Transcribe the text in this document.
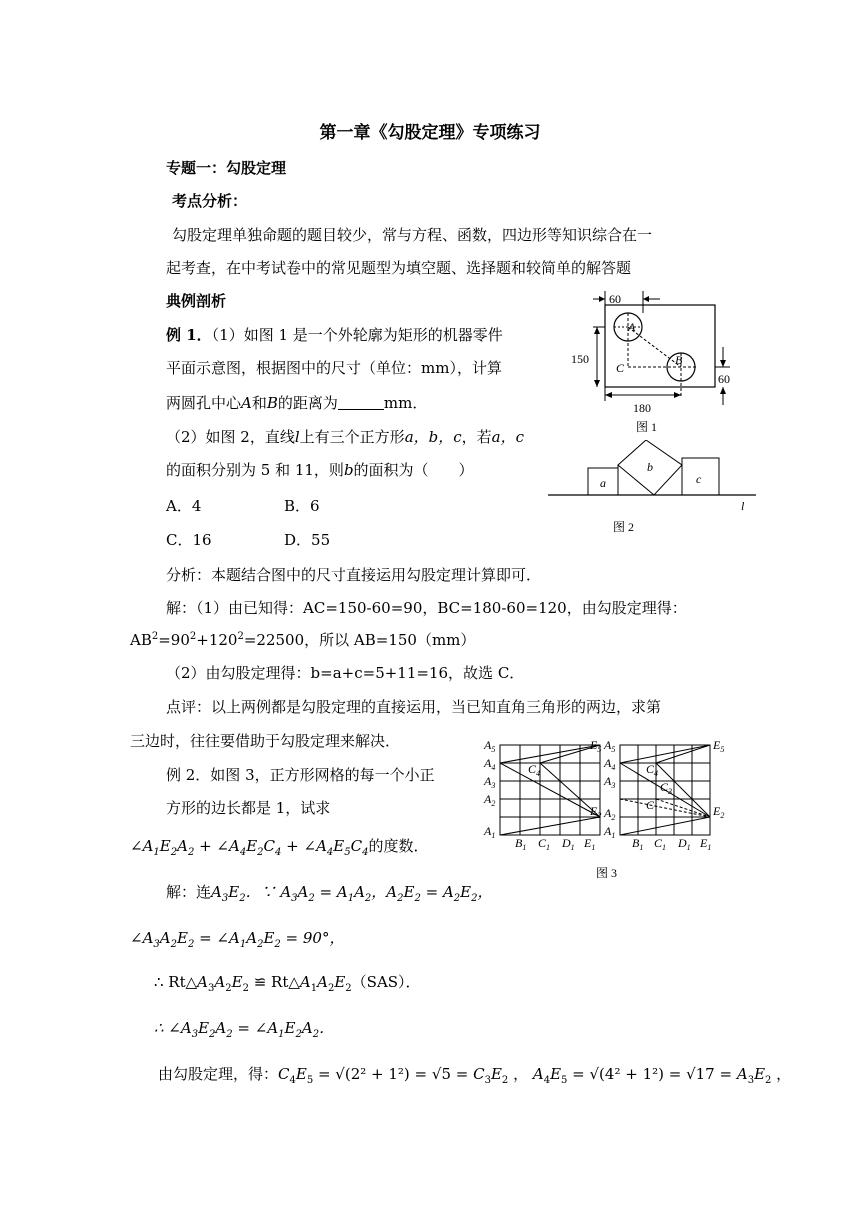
第一章《勾股定理》专项练习
专题一：勾股定理
考点分析：
勾股定理单独命题的题目较少，常与方程、函数，四边形等知识综合在一
起考查，在中考试卷中的常见题型为填空题、选择题和较简单的解答题
典例剖析
例 1．（1）如图 1 是一个外轮廓为矩形的机器零件
平面示意图，根据图中的尺寸（单位：mm），计算
两圆孔中心A和B的距离为	mm．
（2）如图 2，直线l上有三个正方形a，b，c，若a，c
的面积分别为 5 和 11，则b的面积为（　　）
A．4	B．6
C．16	D．55
分析：本题结合图中的尺寸直接运用勾股定理计算即可．
解：（1）由已知得：AC=150-60=90，BC=180-60=120，由勾股定理得：
$AB^2=90^2+120^2=22500$，所以 AB=150（mm）
（2）由勾股定理得：b=a+c=5+11=16，故选 C．
点评：以上两例都是勾股定理的直接运用，当已知直角三角形的两边，求第
三边时，往往要借助于勾股定理来解决．
例 2．如图 3，正方形网格的每一个小正
方形的边长都是 1，试求
$\angle A_1E_2A_2$ + $\angle A_4E_2C_4$ + $\angle A_4E_5C_4$的度数．
解：连$A_3E_2$．∵ $A_3A_2 = A_1A_2$，$A_2E_2 = A_2E_2$，
$\angle A_3A_2E_2$ = $\angle A_1A_2E_2 = 90^\circ$，
∴ $Rt\triangle A_3A_2E_2$ ≌ $Rt\triangle A_1A_2E_2(SAS)$．
∴ $\angle A_3E_2A_2$ = $\angle A_1E_2A_2$．
由勾股定理，得：$C_4E_5 = √(2^2 + 1^2) = √5 = C_3E_2$ ， $A_4E_5 = √(4^2 + 1^2) = √17 = A_3E_2$ ，
60
150
A
B
C
60
180
图 1
a
b
c
l
图 2
$A_5$
$A_4$
$A_3$
$A_2$
$A_1$
$C_4$
$E_5$
$E_2$
$B_1$ $C_1$ $D_1$ $E_1$
$A_5$
$A_4$
$A_3$
$A_2$
$A_1$
$C_4$
$C_3$
C
$E_5$
$E_2$
$B_1$ $C_1$ $D_1$ $E_1$
图 3
